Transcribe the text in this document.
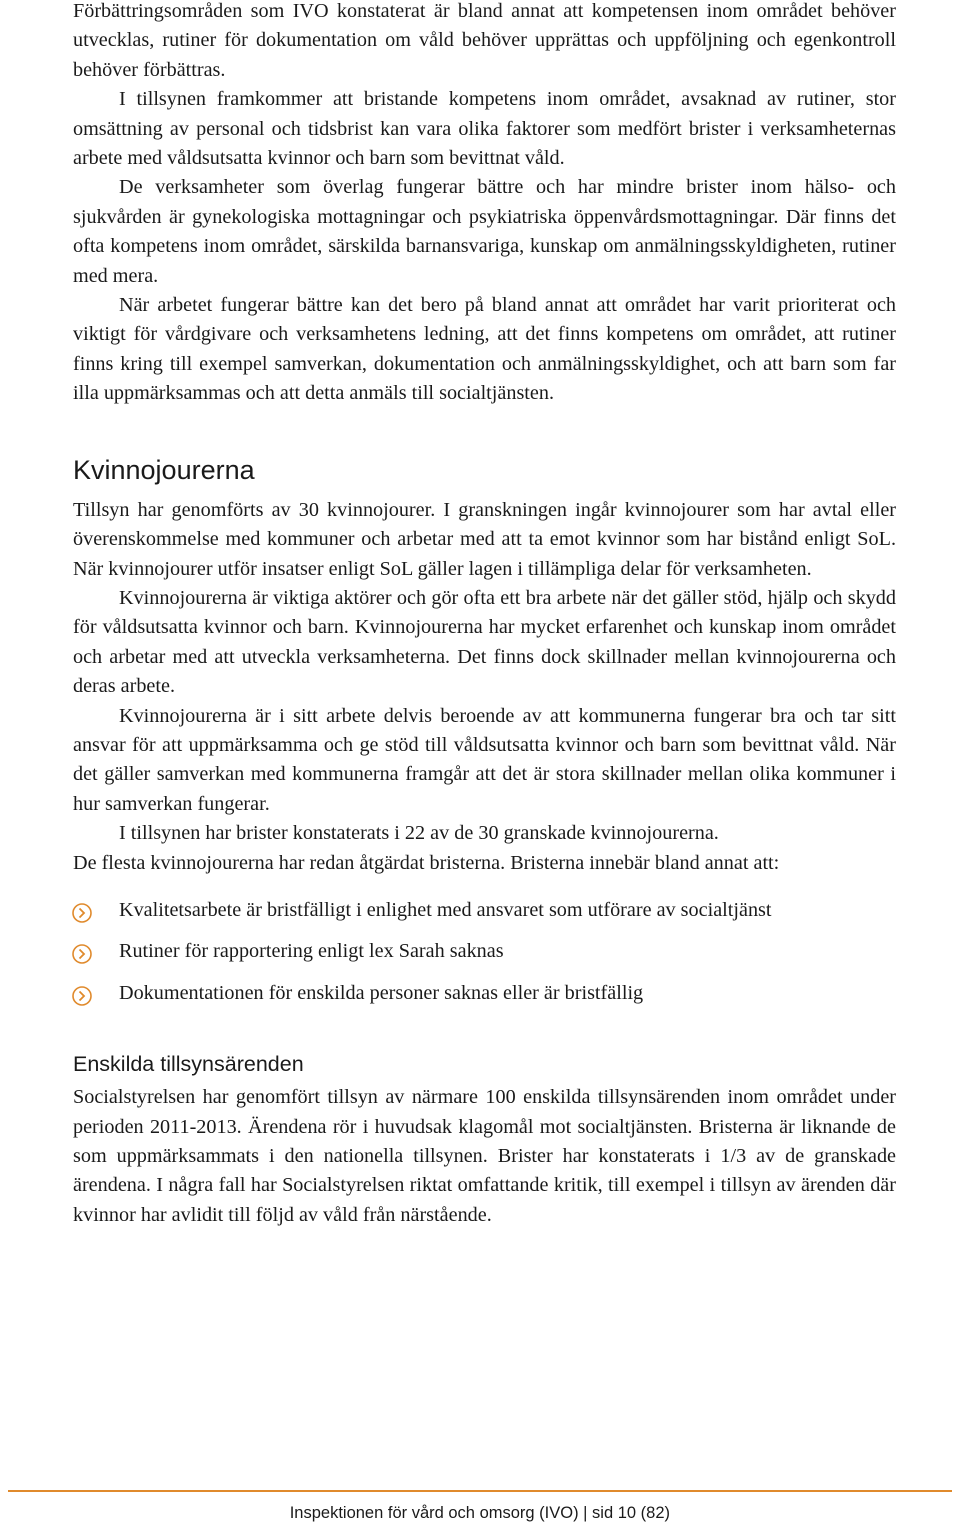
Förbättringsområden som IVO konstaterat är bland annat att kompetensen inom området behöver utvecklas, rutiner för dokumentation om våld behöver upprättas och uppföljning och egenkontroll behöver förbättras.

I tillsynen framkommer att bristande kompetens inom området, avsaknad av rutiner, stor omsättning av personal och tidsbrist kan vara olika faktorer som medfört brister i verksamheternas arbete med våldsutsatta kvinnor och barn som bevittnat våld.

De verksamheter som överlag fungerar bättre och har mindre brister inom hälso- och sjukvården är gynekologiska mottagningar och psykiatriska öppenvårdsmottagningar. Där finns det ofta kompetens inom området, särskilda barnansvariga, kunskap om anmälningsskyldigheten, rutiner med mera.

När arbetet fungerar bättre kan det bero på bland annat att området har varit prioriterat och viktigt för vårdgivare och verksamhetens ledning, att det finns kompetens om området, att rutiner finns kring till exempel samverkan, dokumentation och anmälningsskyldighet, och att barn som far illa uppmärksammas och att detta anmäls till socialtjänsten.

Kvinnojourerna

Tillsyn har genomförts av 30 kvinnojourer. I granskningen ingår kvinnojourer som har avtal eller överenskommelse med kommuner och arbetar med att ta emot kvinnor som har bistånd enligt SoL. När kvinnojourer utför insatser enligt SoL gäller lagen i tillämpliga delar för verksamheten.

Kvinnojourerna är viktiga aktörer och gör ofta ett bra arbete när det gäller stöd, hjälp och skydd för våldsutsatta kvinnor och barn. Kvinnojourerna har mycket erfarenhet och kunskap inom området och arbetar med att utveckla verksamheterna. Det finns dock skillnader mellan kvinnojourerna och deras arbete.

Kvinnojourerna är i sitt arbete delvis beroende av att kommunerna fungerar bra och tar sitt ansvar för att uppmärksamma och ge stöd till våldsutsatta kvinnor och barn som bevittnat våld. När det gäller samverkan med kommunerna framgår att det är stora skillnader mellan olika kommuner i hur samverkan fungerar.

I tillsynen har brister konstaterats i 22 av de 30 granskade kvinnojourerna.

De flesta kvinnojourerna har redan åtgärdat bristerna. Bristerna innebär bland annat att:

Kvalitetsarbete är bristfälligt i enlighet med ansvaret som utförare av socialtjänst
Rutiner för rapportering enligt lex Sarah saknas
Dokumentationen för enskilda personer saknas eller är bristfällig
Enskilda tillsynsärenden

Socialstyrelsen har genomfört tillsyn av närmare 100 enskilda tillsynsärenden inom området under perioden 2011-2013. Ärendena rör i huvudsak klagomål mot socialtjänsten. Bristerna är liknande de som uppmärksammats i den nationella tillsynen. Brister har konstaterats i 1/3 av de granskade ärendena. I några fall har Socialstyrelsen riktat omfattande kritik, till exempel i tillsyn av ärenden där kvinnor har avlidit till följd av våld från närstående.

Inspektionen för vård och omsorg (IVO) | sid 10 (82)
